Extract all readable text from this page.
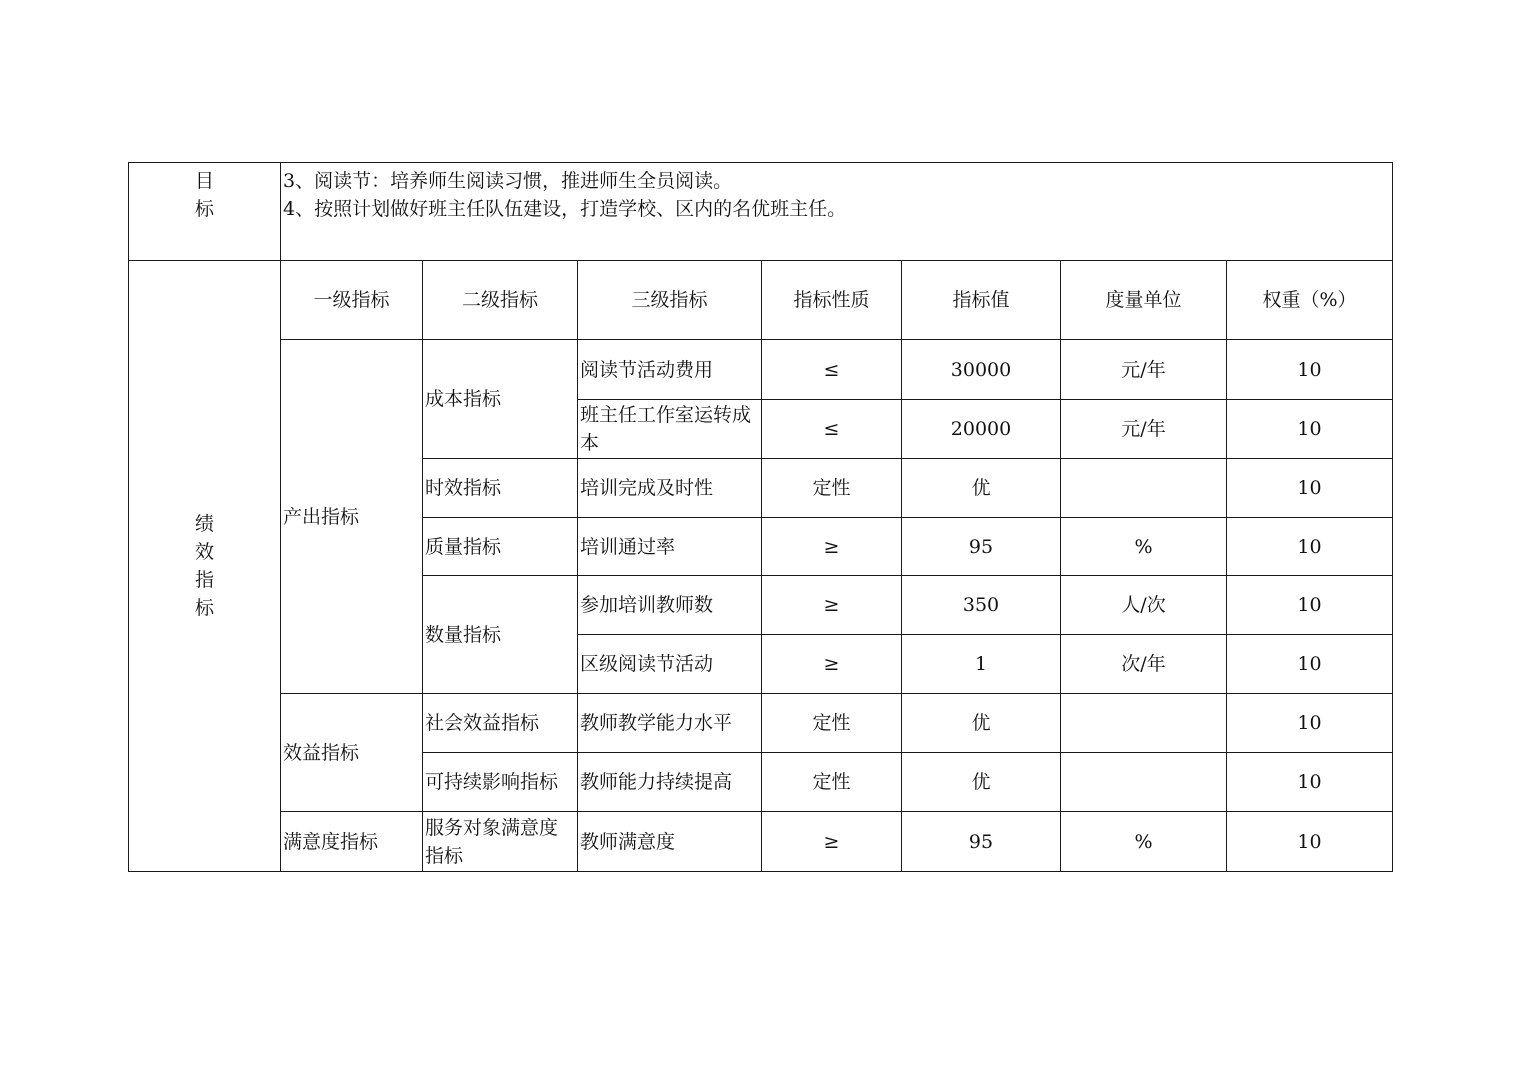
目
标	3、阅读节：培养师生阅读习惯，推进师生全员阅读。
4、按照计划做好班主任队伍建设，打造学校、区内的名优班主任。						

绩
效
指
标	一级指标	二级指标	三级指标	指标性质	指标值	度量单位	权重（%）
	产出指标	成本指标	阅读节活动费用	≤	30000	元/年	10
			班主任工作室运转成本	≤	20000	元/年	10
		时效指标	培训完成及时性	定性	优		10
		质量指标	培训通过率	≥	95	%	10
		数量指标	参加培训教师数	≥	350	人/次	10
			区级阅读节活动	≥	1	次/年	10
	效益指标	社会效益指标	教师教学能力水平	定性	优		10
		可持续影响指标	教师能力持续提高	定性	优		10
	满意度指标	服务对象满意度指标	教师满意度	≥	95	%	10
